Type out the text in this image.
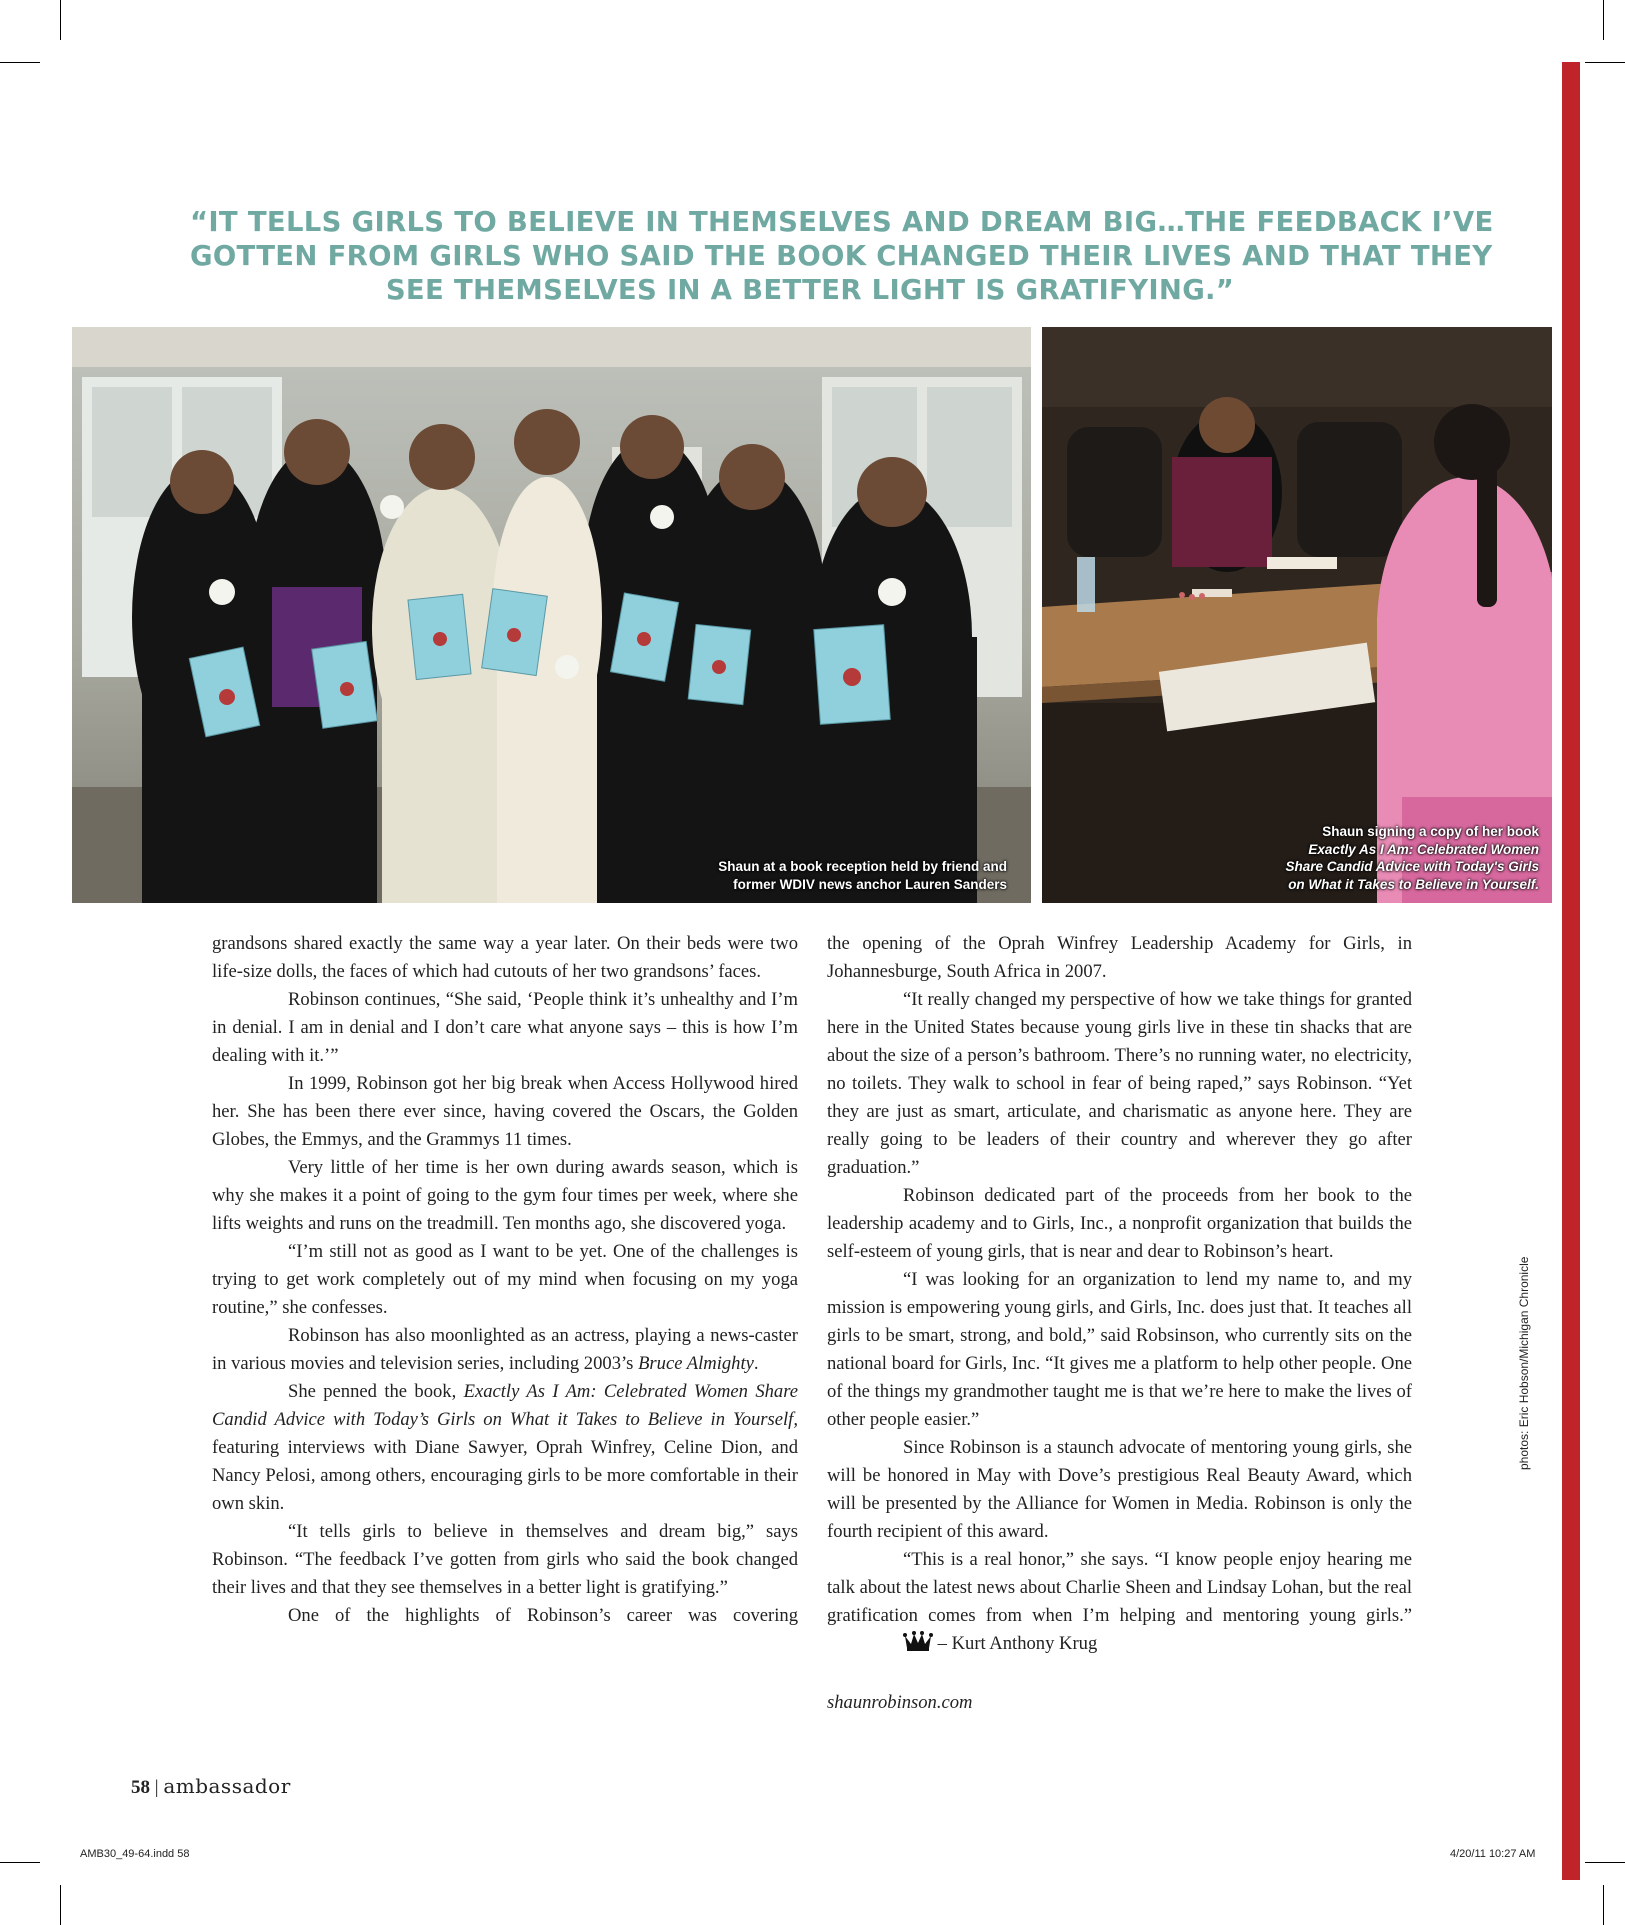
“IT TELLS GIRLS TO BELIEVE IN THEMSELVES AND DREAM BIG…THE FEEDBACK I’VE
GOTTEN FROM GIRLS WHO SAID THE BOOK CHANGED THEIR LIVES AND THAT THEY
SEE THEMSELVES IN A BETTER LIGHT IS GRATIFYING.”
Shaun at a book reception held by friend and
former WDIV news anchor Lauren Sanders
Shaun signing a copy of her book
Exactly As I Am: Celebrated Women
Share Candid Advice with Today's Girls
on What it Takes to Believe in Yourself.

grandsons shared exactly the same way a year later. On their beds were two life-size dolls, the faces of which had cutouts of her two grandsons’ faces.

Robinson continues, “She said, ‘People think it’s unhealthy and I’m in denial. I am in denial and I don’t care what anyone says – this is how I’m dealing with it.’”

In 1999, Robinson got her big break when Access Hollywood hired her. She has been there ever since, having covered the Oscars, the Golden Globes, the Emmys, and the Grammys 11 times.

Very little of her time is her own during awards season, which is why she makes it a point of going to the gym four times per week, where she lifts weights and runs on the treadmill. Ten months ago, she discovered yoga.

“I’m still not as good as I want to be yet. One of the challenges is trying to get work completely out of my mind when focusing on my yoga routine,” she confesses.

Robinson has also moonlighted as an actress, playing a news-caster in various movies and television series, including 2003’s Bruce Almighty.

She penned the book, Exactly As I Am: Celebrated Women Share Candid Advice with Today’s Girls on What it Takes to Believe in Yourself, featuring interviews with Diane Sawyer, Oprah Winfrey, Celine Dion, and Nancy Pelosi, among others, encouraging girls to be more comfortable in their own skin.

“It tells girls to believe in themselves and dream big,” says Robinson. “The feedback I’ve gotten from girls who said the book changed their lives and that they see themselves in a better light is gratifying.”

One of the highlights of Robinson’s career was covering

the opening of the Oprah Winfrey Leadership Academy for Girls, in Johannesburge, South Africa in 2007.

“It really changed my perspective of how we take things for granted here in the United States because young girls live in these tin shacks that are about the size of a person’s bathroom. There’s no running water, no electricity, no toilets. They walk to school in fear of being raped,” says Robinson. “Yet they are just as smart, articulate, and charismatic as anyone here. They are really going to be leaders of their country and wherever they go after graduation.”

Robinson dedicated part of the proceeds from her book to the leadership academy and to Girls, Inc., a nonprofit organization that builds the self-esteem of young girls, that is near and dear to Robinson’s heart.

“I was looking for an organization to lend my name to, and my mission is empowering young girls, and Girls, Inc. does just that. It teaches all girls to be smart, strong, and bold,” said Robsinson, who currently sits on the national board for Girls, Inc. “It gives me a platform to help other people. One of the things my grandmother taught me is that we’re here to make the lives of other people easier.”

Since Robinson is a staunch advocate of mentoring young girls, she will be honored in May with Dove’s prestigious Real Beauty Award, which will be presented by the Alliance for Women in Media. Robinson is only the fourth recipient of this award.

“This is a real honor,” she says. “I know people enjoy hearing me talk about the latest news about Charlie Sheen and Lindsay Lohan, but the real gratification comes from when I’m helping and mentoring young girls.” – Kurt Anthony Krug

shaunrobinson.com

photos: Eric Hobson/Michigan Chronicle
58 | ambassador
AMB30_49-64.indd 58	4/20/11 10:27 AM
